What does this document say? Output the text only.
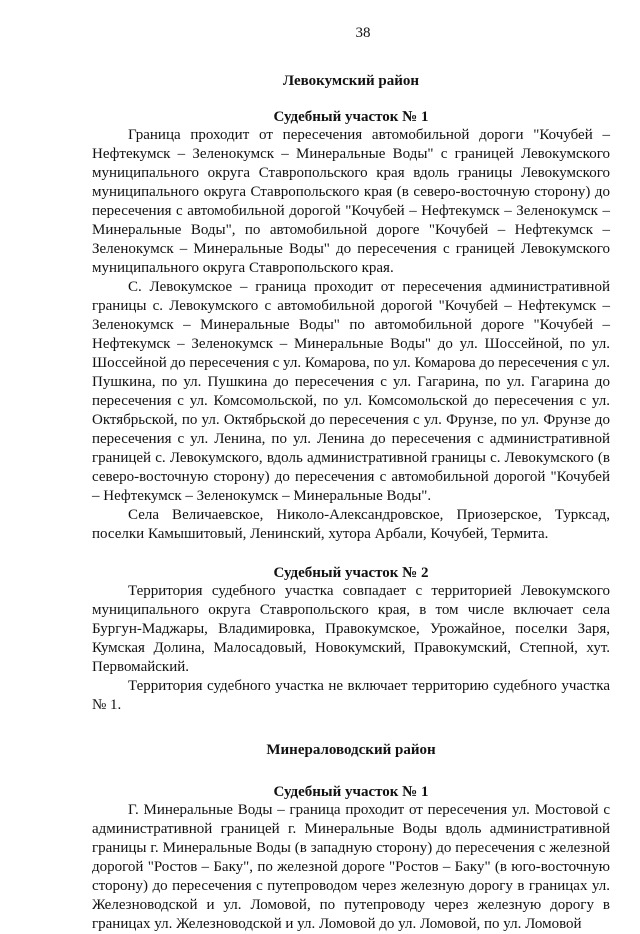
38
Левокумский район
Судебный участок № 1

Граница проходит от пересечения автомобильной дороги "Кочубей – Нефтекумск – Зеленокумск – Минеральные Воды" с границей Левокумского муниципального округа Ставропольского края вдоль границы Левокумского муниципального округа Ставропольского края (в северо-восточную сторону) до пересечения с автомобильной дорогой "Кочубей – Нефтекумск – Зеленокумск – Минеральные Воды", по автомобильной дороге "Кочубей – Нефтекумск – Зеленокумск – Минеральные Воды" до пересечения с границей Левокумского муниципального округа Ставропольского края.

С. Левокумское – граница проходит от пересечения административной границы с. Левокумского с автомобильной дорогой "Кочубей – Нефтекумск – Зеленокумск – Минеральные Воды" по автомобильной дороге "Кочубей – Нефтекумск – Зеленокумск – Минеральные Воды" до ул. Шоссейной, по ул. Шоссейной до пересечения с ул. Комарова, по ул. Комарова до пересечения с ул. Пушкина, по ул. Пушкина до пересечения с ул. Гагарина, по ул. Гагарина до пересечения с ул. Комсомольской, по ул. Комсомольской до пересечения с ул. Октябрьской, по ул. Октябрьской до пересечения с ул. Фрунзе, по ул. Фрунзе до пересечения с ул. Ленина, по ул. Ленина до пересечения с административной границей с. Левокумского, вдоль административной границы с. Левокумского (в северо-восточную сторону) до пересечения с автомобильной дорогой "Кочубей – Нефтекумск – Зеленокумск – Минеральные Воды".

Села Величаевское, Николо-Александровское, Приозерское, Турксад, поселки Камышитовый, Ленинский, хутора Арбали, Кочубей, Термита.

Судебный участок № 2

Территория судебного участка совпадает с территорией Левокумского муниципального округа Ставропольского края, в том числе включает села Бургун-Маджары, Владимировка, Правокумское, Урожайное, поселки Заря, Кумская Долина, Малосадовый, Новокумский, Правокумский, Степной, хут. Первомайский.

Территория судебного участка не включает территорию судебного участка № 1.

Минераловодский район
Судебный участок № 1

Г. Минеральные Воды – граница проходит от пересечения ул. Мостовой с административной границей г. Минеральные Воды вдоль административной границы г. Минеральные Воды (в западную сторону) до пересечения с железной дорогой "Ростов – Баку", по железной дороге "Ростов – Баку" (в юго-восточную сторону) до пересечения с путепроводом через железную дорогу в границах ул. Железноводской и ул. Ломовой, по путепроводу через железную дорогу в границах ул. Железноводской и ул. Ломовой до ул. Ломовой, по ул. Ломовой
